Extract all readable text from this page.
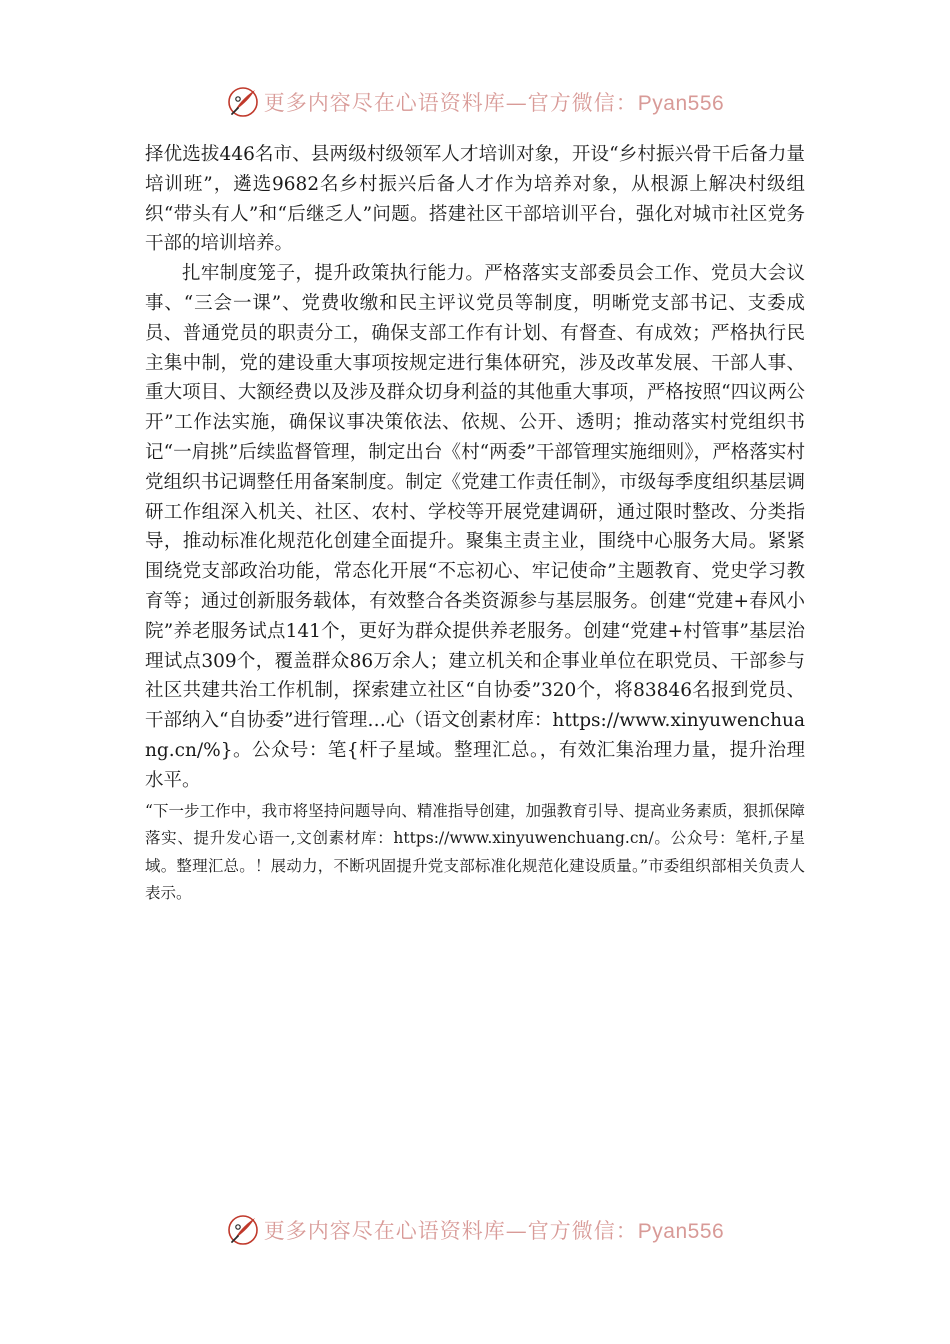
更多内容尽在心语资料库—官方微信：Pyan556

择优选拔446名市、县两级村级领军人才培训对象，开设“乡村振兴骨干后备力量培训班”，遴选9682名乡村振兴后备人才作为培养对象，从根源上解决村级组织“带头有人”和“后继乏人”问题。搭建社区干部培训平台，强化对城市社区党务干部的培训培养。

扎牢制度笼子，提升政策执行能力。严格落实支部委员会工作、党员大会议事、“三会一课”、党费收缴和民主评议党员等制度，明晰党支部书记、支委成员、普通党员的职责分工，确保支部工作有计划、有督查、有成效；严格执行民主集中制，党的建设重大事项按规定进行集体研究，涉及改革发展、干部人事、重大项目、大额经费以及涉及群众切身利益的其他重大事项，严格按照“四议两公开”工作法实施，确保议事决策依法、依规、公开、透明；推动落实村党组织书记“一肩挑”后续监督管理，制定出台《村“两委”干部管理实施细则》，严格落实村党组织书记调整任用备案制度。制定《党建工作责任制》，市级每季度组织基层调研工作组深入机关、社区、农村、学校等开展党建调研，通过限时整改、分类指导，推动标准化规范化创建全面提升。聚集主责主业，围绕中心服务大局。紧紧围绕党支部政治功能，常态化开展“不忘初心、牢记使命”主题教育、党史学习教育等；通过创新服务载体，有效整合各类资源参与基层服务。创建“党建+春风小院”养老服务试点141个，更好为群众提供养老服务。创建“党建+村管事”基层治理试点309个，覆盖群众86万余人；建立机关和企事业单位在职党员、干部参与社区共建共治工作机制，探索建立社区“自协委”320个，将83846名报到党员、干部纳入“自协委”进行管理…心（语文创素材库：https://www.xinyuwenchuang.cn/%}。公众号：笔{杆子星域。整理汇总。，有效汇集治理力量，提升治理水平。

“下一步工作中，我市将坚持问题导向、精准指导创建，加强教育引导、提高业务素质，狠抓保障落实、提升发心语一,文创素材库：https://www.xinyuwenchuang.cn/。公众号：笔杆,子星域。整理汇总。！展动力，不断巩固提升党支部标准化规范化建设质量。”市委组织部相关负责人表示。

更多内容尽在心语资料库—官方微信：Pyan556
